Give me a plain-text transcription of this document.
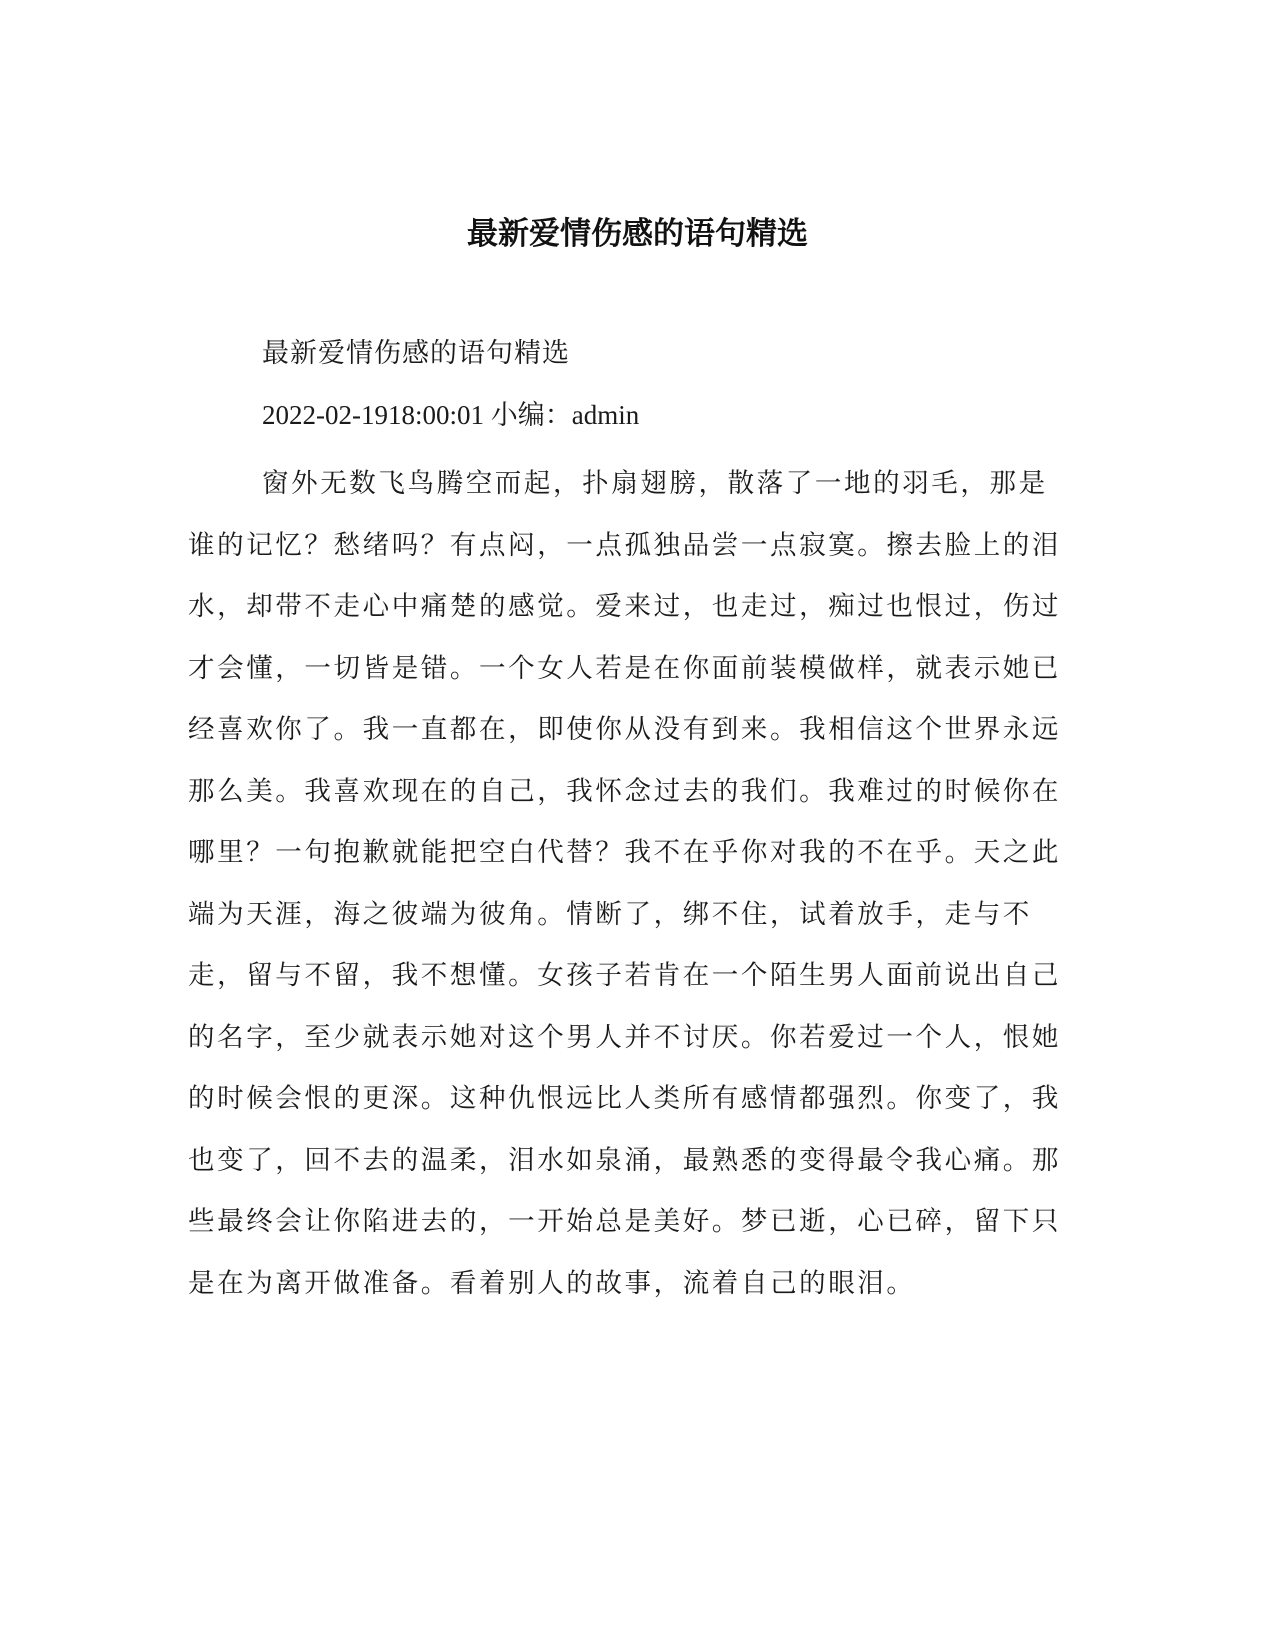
最新爱情伤感的语句精选
最新爱情伤感的语句精选
2022-02-1918:00:01 小编：admin

窗外无数飞鸟腾空而起，扑扇翅膀，散落了一地的羽毛，那是谁的记忆？愁绪吗？有点闷，一点孤独品尝一点寂寞。擦去脸上的泪水，却带不走心中痛楚的感觉。爱来过，也走过，痴过也恨过，伤过才会懂，一切皆是错。一个女人若是在你面前装模做样，就表示她已经喜欢你了。我一直都在，即使你从没有到来。我相信这个世界永远那么美。我喜欢现在的自己，我怀念过去的我们。我难过的时候你在哪里？一句抱歉就能把空白代替？我不在乎你对我的不在乎。天之此端为天涯，海之彼端为彼角。情断了，绑不住，试着放手，走与不走，留与不留，我不想懂。女孩子若肯在一个陌生男人面前说出自己的名字，至少就表示她对这个男人并不讨厌。你若爱过一个人，恨她的时候会恨的更深。这种仇恨远比人类所有感情都强烈。你变了，我也变了，回不去的温柔，泪水如泉涌，最熟悉的变得最令我心痛。那些最终会让你陷进去的，一开始总是美好。梦已逝，心已碎，留下只是在为离开做准备。看着别人的故事，流着自己的眼泪。
